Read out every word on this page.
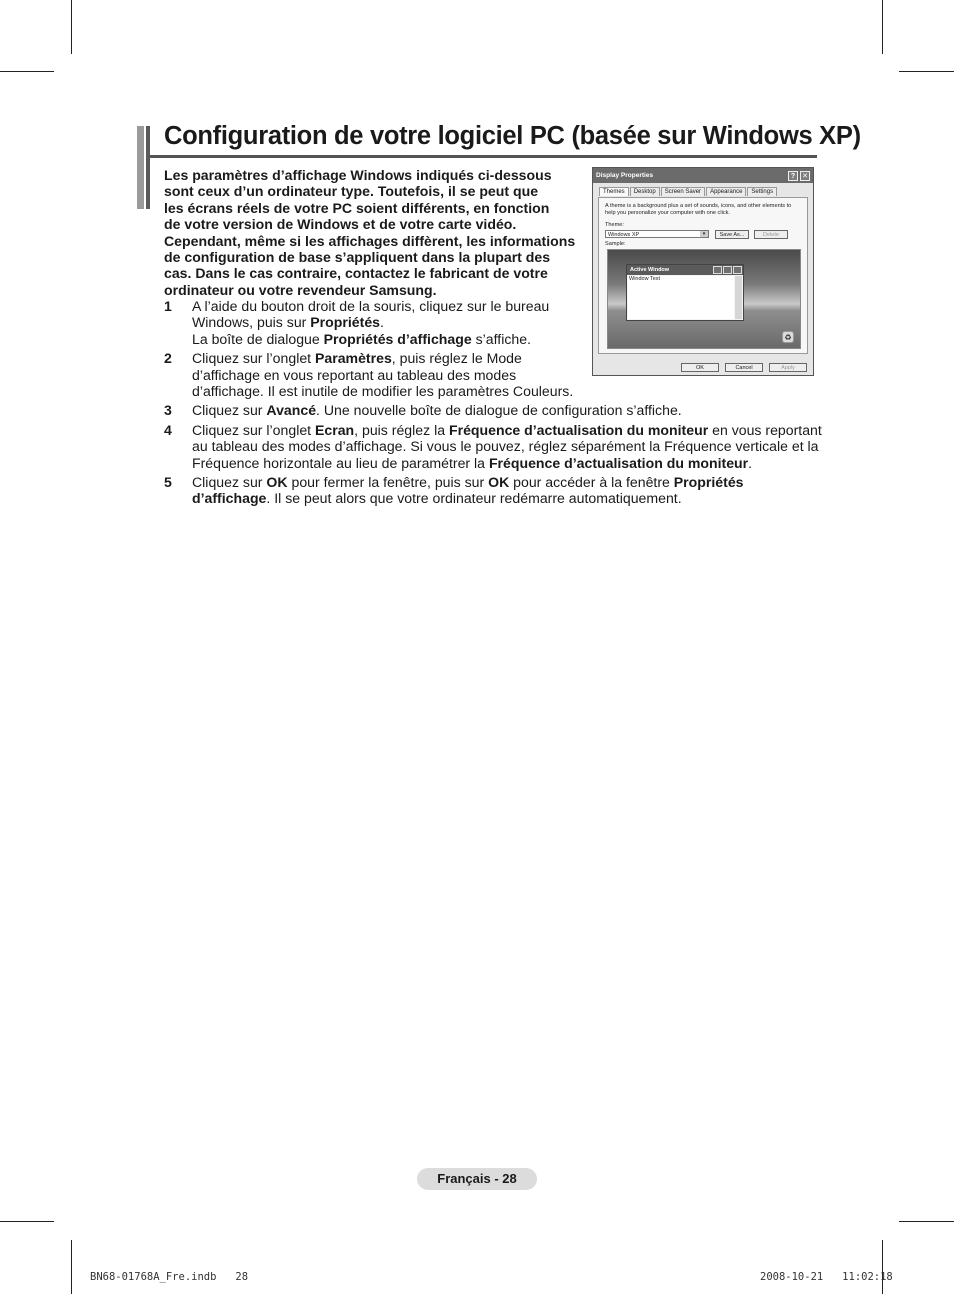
Configuration de votre logiciel PC (basée sur Windows XP)
Les paramètres d’affichage Windows indiqués ci-dessous
sont ceux d’un ordinateur type. Toutefois, il se peut que
les écrans réels de votre PC soient différents, en fonction
de votre version de Windows et de votre carte vidéo.
Cependant, même si les affichages diffèrent, les informations
de configuration de base s’appliquent dans la plupart des
cas. Dans le cas contraire, contactez le fabricant de votre
ordinateur ou votre revendeur Samsung.
1 A l’aide du bouton droit de la souris, cliquez sur le bureau
Windows, puis sur Propriétés.
La boîte de dialogue Propriétés d’affichage s’affiche.
2 Cliquez sur l’onglet Paramètres, puis réglez le Mode
d’affichage en vous reportant au tableau des modes
d’affichage. Il est inutile de modifier les paramètres Couleurs.
3 Cliquez sur Avancé. Une nouvelle boîte de dialogue de configuration s’affiche.
4 Cliquez sur l’onglet Ecran, puis réglez la Fréquence d’actualisation du moniteur en vous reportant
au tableau des modes d’affichage. Si vous le pouvez, réglez séparément la Fréquence verticale et la
Fréquence horizontale au lieu de paramétrer la Fréquence d’actualisation du moniteur.
5 Cliquez sur OK pour fermer la fenêtre, puis sur OK pour accéder à la fenêtre Propriétés
d’affichage. Il se peut alors que votre ordinateur redémarre automatiquement.
Display Properties	? ✕
Themes	Desktop	Screen Saver	Appearance	Settings
A theme is a background plus a set of sounds, icons, and other elements to help you personalize your computer with one click.
Theme:
Windows XP	▾	Save As...	Delete
Sample:
Active Window
Window Text
♻
OK	Cancel	Apply
Français - 28
BN68-01768A_Fre.indb   28	2008-10-21   11:02:18
